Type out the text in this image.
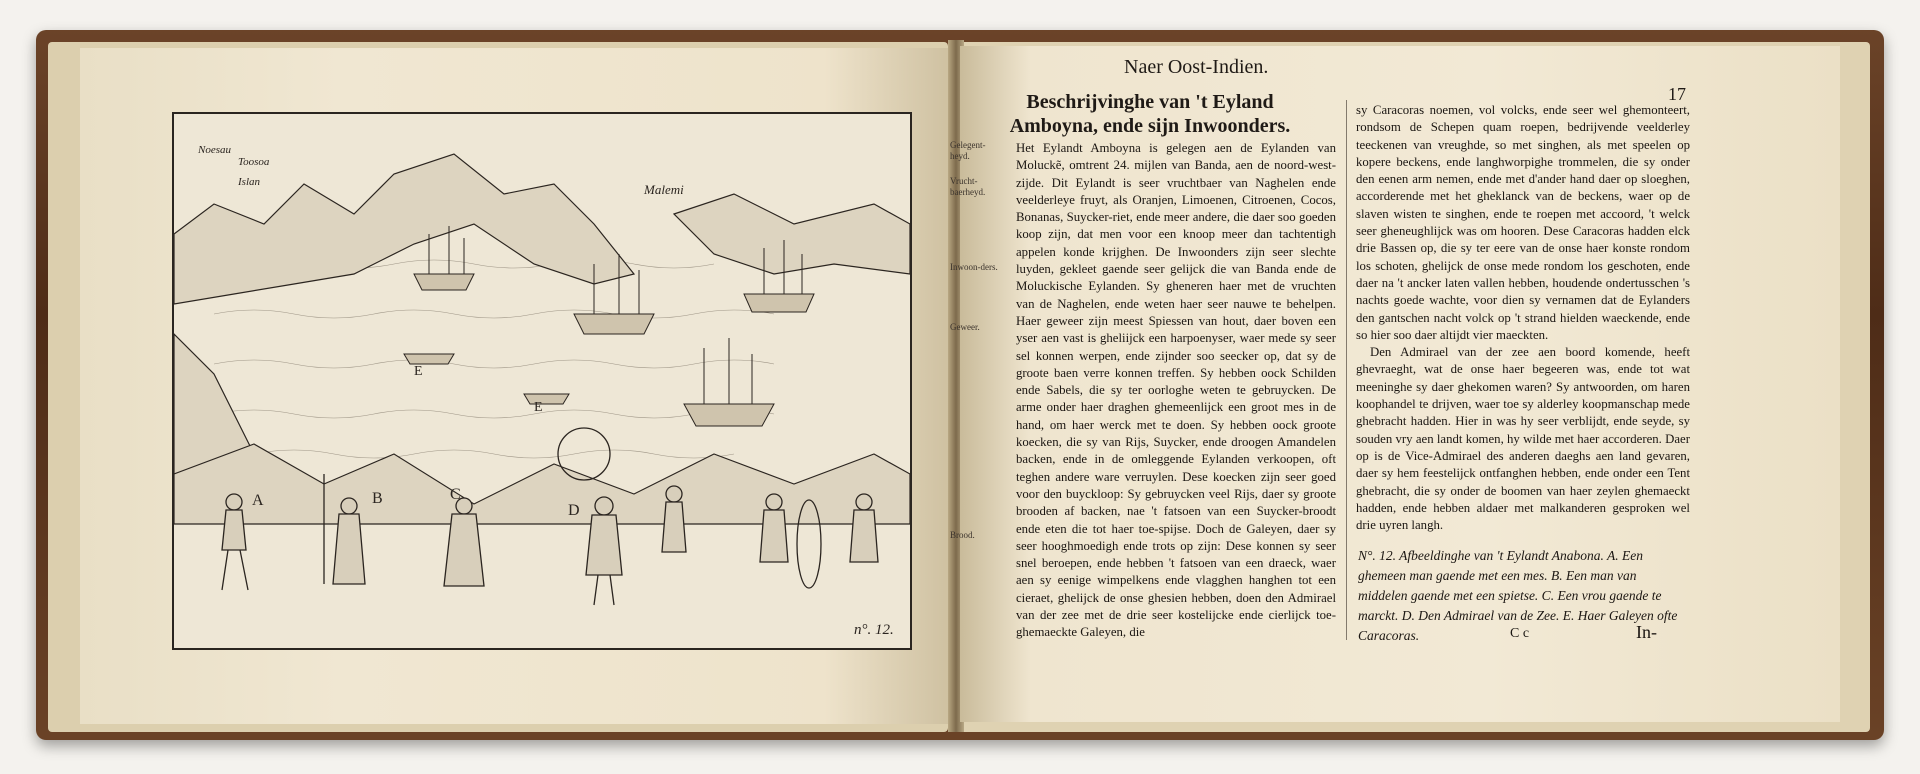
Noesau
Toosoa
Islan	Malemi
A	B	C
D
E
E
n°. 12.
Naer Oost-Indien.
17
Beschrijvinghe van 't Eyland Amboyna, ende sijn Inwoonders.
Gelegent-heyd.
Vrucht-baerheyd.
Inwoon-ders.
Geweer.
Brood.

Het Eylandt Amboyna is gelegen aen de Eylanden van Moluckẽ, omtrent 24. mijlen van Banda, aen de noord-west-zijde. Dit Eylandt is seer vruchtbaer van Naghelen ende veelderleye fruyt, als Oranjen, Limoenen, Citroenen, Cocos, Bonanas, Suycker-riet, ende meer andere, die daer soo goeden koop zijn, dat men voor een knoop meer dan tachtentigh appelen konde krijghen. De Inwoonders zijn seer slechte luyden, gekleet gaende seer gelijck die van Banda ende de Moluckische Eylanden. Sy gheneren haer met de vruchten van de Naghelen, ende weten haer seer nauwe te behelpen. Haer geweer zijn meest Spiessen van hout, daer boven een yser aen vast is gheliijck een harpoenyser, waer mede sy seer sel konnen werpen, ende zijnder soo seecker op, dat sy de groote baen verre konnen treffen. Sy hebben oock Schilden ende Sabels, die sy ter oorloghe weten te gebruycken. De arme onder haer draghen ghemeenlijck een groot mes in de hand, om haer werck met te doen. Sy hebben oock groote koecken, die sy van Rijs, Suycker, ende droogen Amandelen backen, ende in de omleggende Eylanden verkoopen, oft teghen andere ware verruylen. Dese koecken zijn seer goed voor den buyckloop: Sy gebruycken veel Rijs, daer sy groote brooden af backen, nae 't fatsoen van een Suycker-broodt ende eten die tot haer toe-spijse. Doch de Galeyen, daer sy seer hooghmoedigh ende trots op zijn: Dese konnen sy seer snel beroepen, ende hebben 't fatsoen van een draeck, waer aen sy eenige wimpelkens ende vlagghen hanghen tot een cieraet, ghelijck de onse ghesien hebben, doen den Admirael van der zee met de drie seer kostelijcke ende cierlijck toe-ghemaeckte Galeyen, die

sy Caracoras noemen, vol volcks, ende seer wel ghemonteert, rondsom de Schepen quam roepen, bedrijvende veelderley teeckenen van vreughde, so met singhen, als met speelen op kopere beckens, ende langhworpighe trommelen, die sy onder den eenen arm nemen, ende met d'ander hand daer op sloeghen, accorderende met het gheklanck van de beckens, waer op de slaven wisten te singhen, ende te roepen met accoord, 't welck seer gheneughlijck was om hooren. Dese Caracoras hadden elck drie Bassen op, die sy ter eere van de onse haer konste rondom los schoten, ghelijck de onse mede rondom los geschoten, ende daer na 't ancker laten vallen hebben, houdende ondertusschen 's nachts goede wachte, voor dien sy vernamen dat de Eylanders den gantschen nacht volck op 't strand hielden waeckende, ende so hier soo daer altijdt vier maeckten.

Den Admirael van der zee aen boord komende, heeft ghevraeght, wat de onse haer begeeren was, ende tot wat meeninghe sy daer ghekomen waren? Sy antwoorden, om haren koophandel te drijven, waer toe sy alderley koopmanschap mede ghebracht hadden. Hier in was hy seer verblijdt, ende seyde, sy souden vry aen landt komen, hy wilde met haer accorderen. Daer op is de Vice-Admirael des anderen daeghs aen land gevaren, daer sy hem feestelijck ontfanghen hebben, ende onder een Tent ghebracht, die sy onder de boomen van haer zeylen ghemaeckt hadden, ende hebben aldaer met malkanderen gesproken wel drie uyren langh.

N°. 12. Afbeeldinghe van 't Eylandt Anabona. A. Een ghemeen man gaende met een mes. B. Een man van middelen gaende met een spietse. C. Een vrou gaende te marckt. D. Den Admirael van de Zee. E. Haer Galeyen ofte Caracoras.	C c	In-
